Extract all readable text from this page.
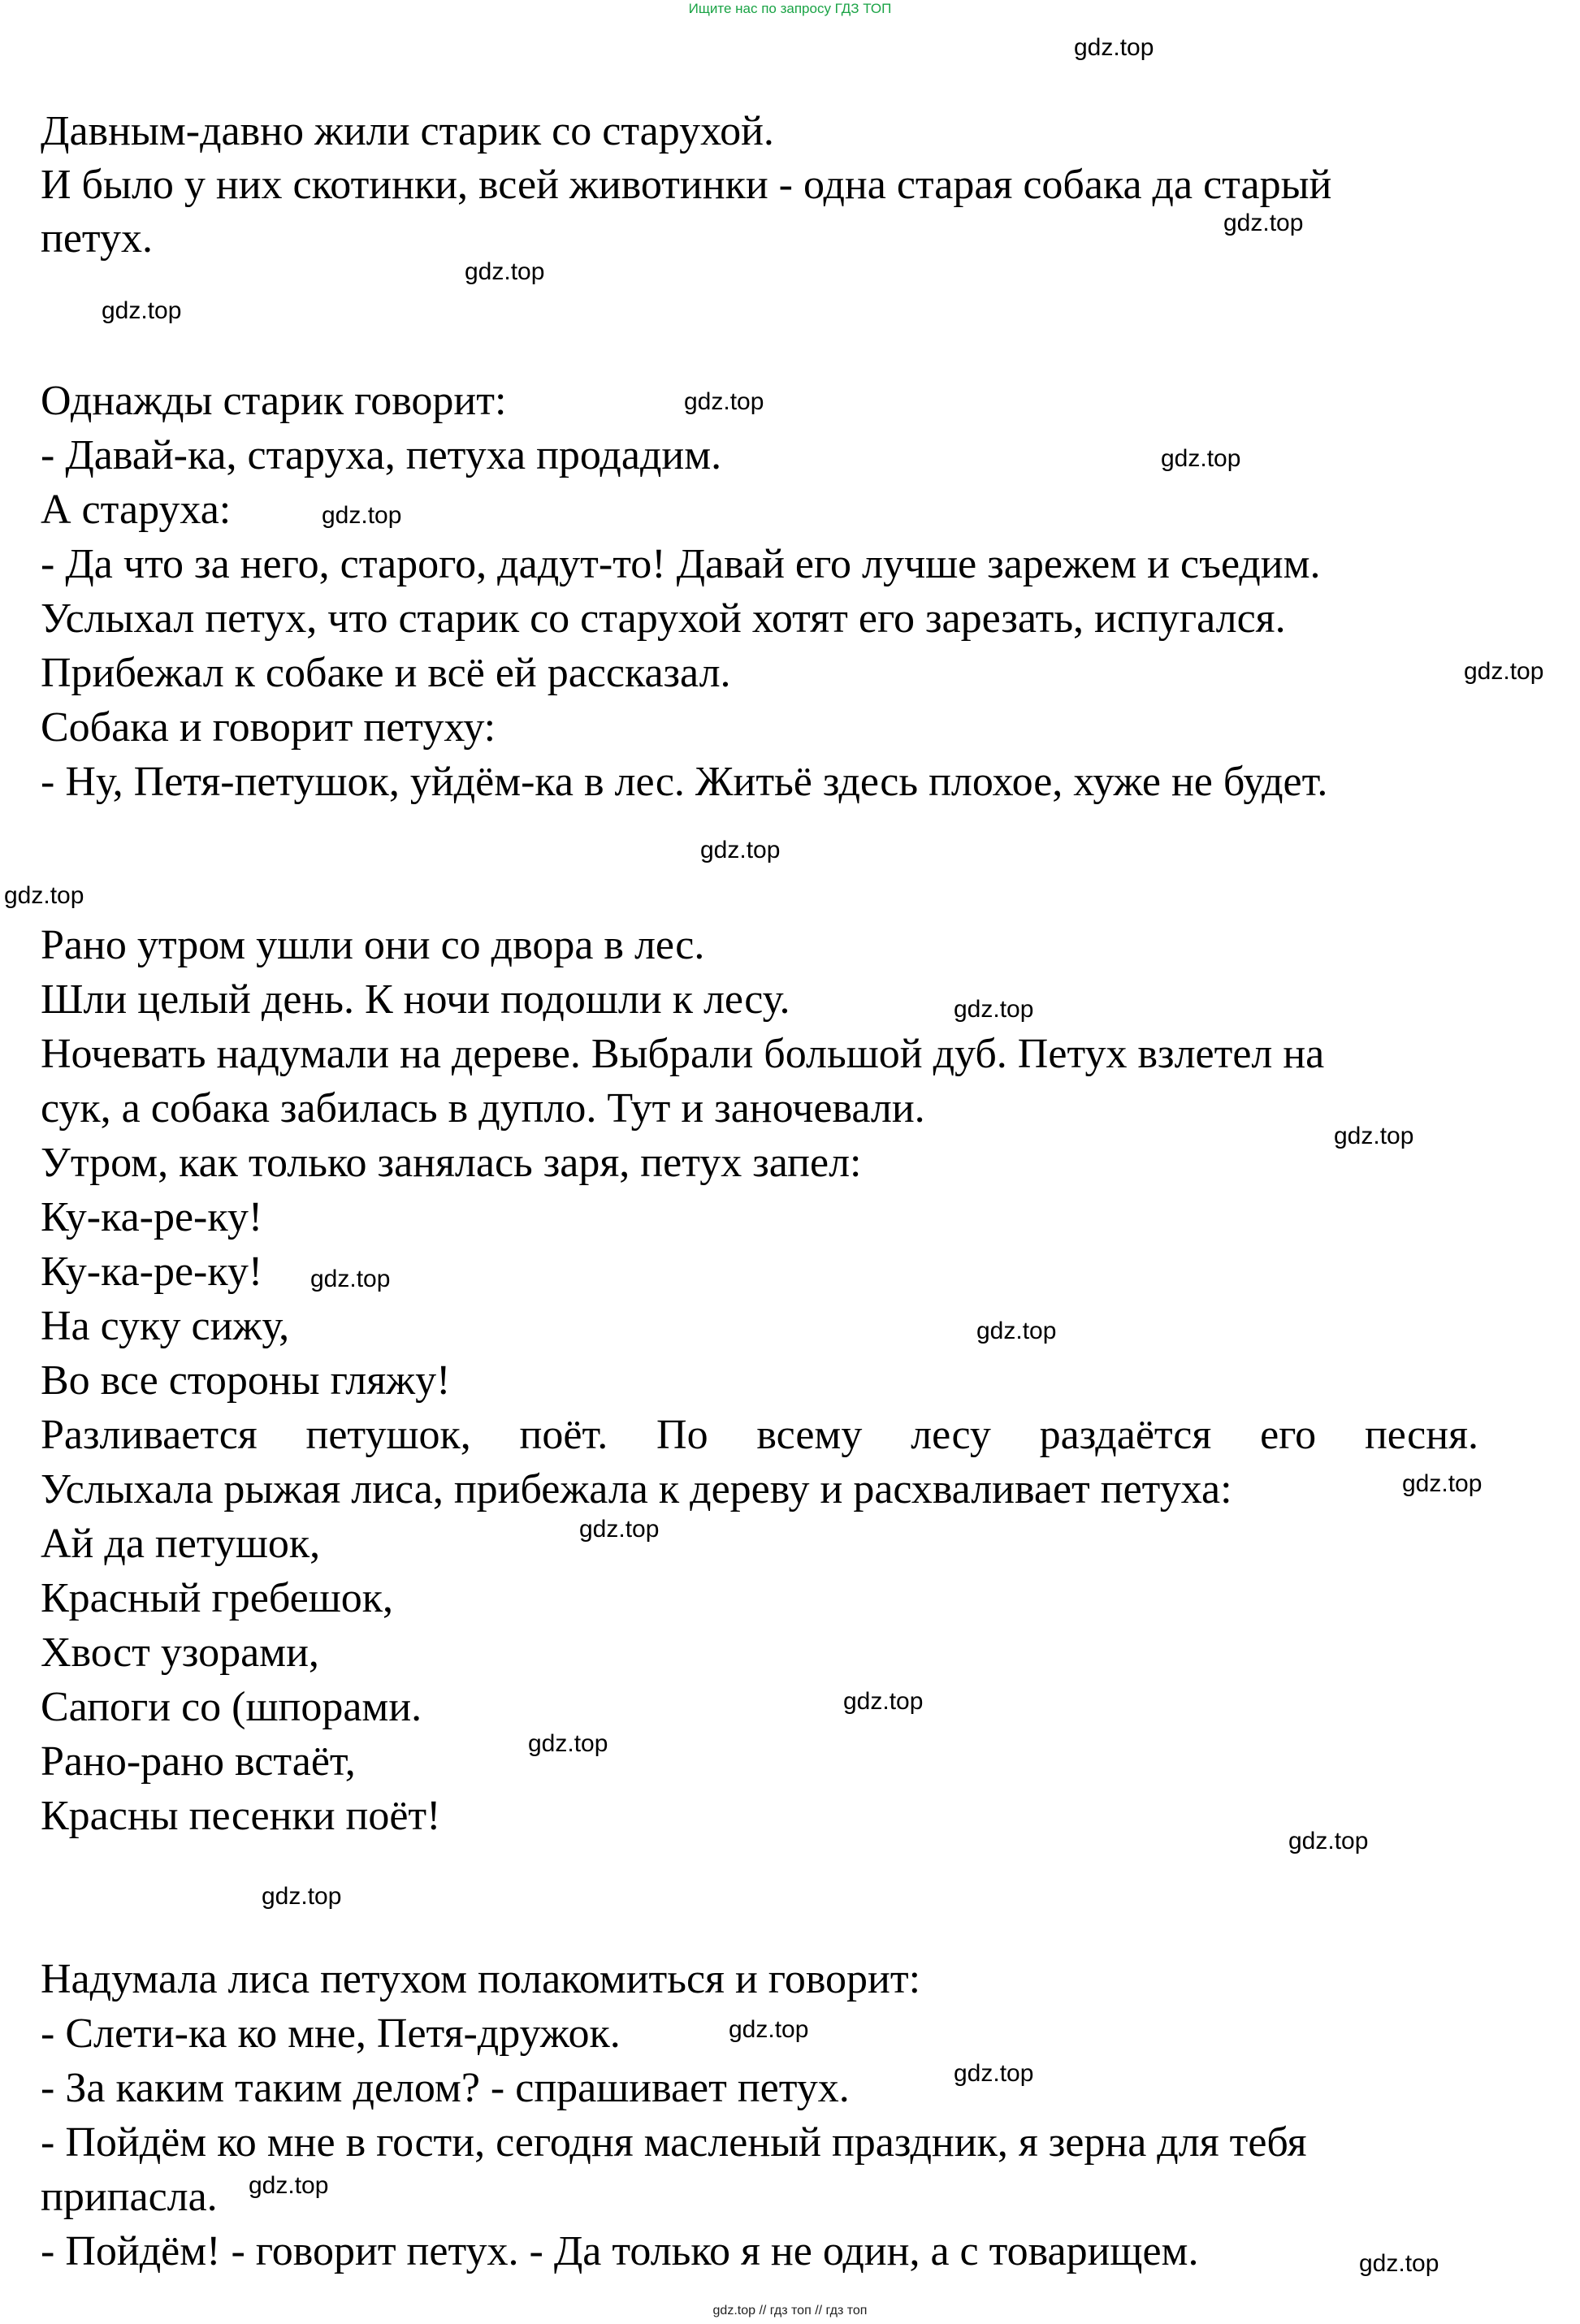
Ищите нас по запросу ГДЗ ТОП
Давным-давно жили старик со старухой.
И было у них скотинки, всей животинки - одна старая собака да старый
петух.
Однажды старик говорит:
- Давай-ка, старуха, петуха продадим.
А старуха:
- Да что за него, старого, дадут-то! Давай его лучше зарежем и съедим.
Услыхал петух, что старик со старухой хотят его зарезать, испугался.
Прибежал к собаке и всё ей рассказал.
Собака и говорит петуху:
- Ну, Петя-петушок, уйдём-ка в лес. Житьё здесь плохое, хуже не будет.
Рано утром ушли они со двора в лес.
Шли целый день. К ночи подошли к лесу.
Ночевать надумали на дереве. Выбрали большой дуб. Петух взлетел на
сук, а собака забилась в дупло. Тут и заночевали.
Утром, как только занялась заря, петух запел:
Ку-ка-ре-ку!
Ку-ка-ре-ку!
На суку сижу,
Во все стороны гляжу!
Разливается петушок, поёт. По всему лесу раздаётся его песня.
Услыхала рыжая лиса, прибежала к дереву и расхваливает петуха:
Ай да петушок,
Красный гребешок,
Хвост узорами,
Сапоги со (шпорами.
Рано-рано встаёт,
Красны песенки поёт!
Надумала лиса петухом полакомиться и говорит:
- Слети-ка ко мне, Петя-дружок.
- За каким таким делом? - спрашивает петух.
- Пойдём ко мне в гости, сегодня масленый праздник, я зерна для тебя
припасла.
- Пойдём! - говорит петух. - Да только я не один, а с товарищем.
gdz.top
gdz.top
gdz.top
gdz.top
gdz.top
gdz.top
gdz.top
gdz.top
gdz.top
gdz.top
gdz.top
gdz.top
gdz.top
gdz.top
gdz.top
gdz.top
gdz.top
gdz.top
gdz.top
gdz.top
gdz.top
gdz.top
gdz.top
gdz.top
gdz.top // гдз топ // гдз топ
